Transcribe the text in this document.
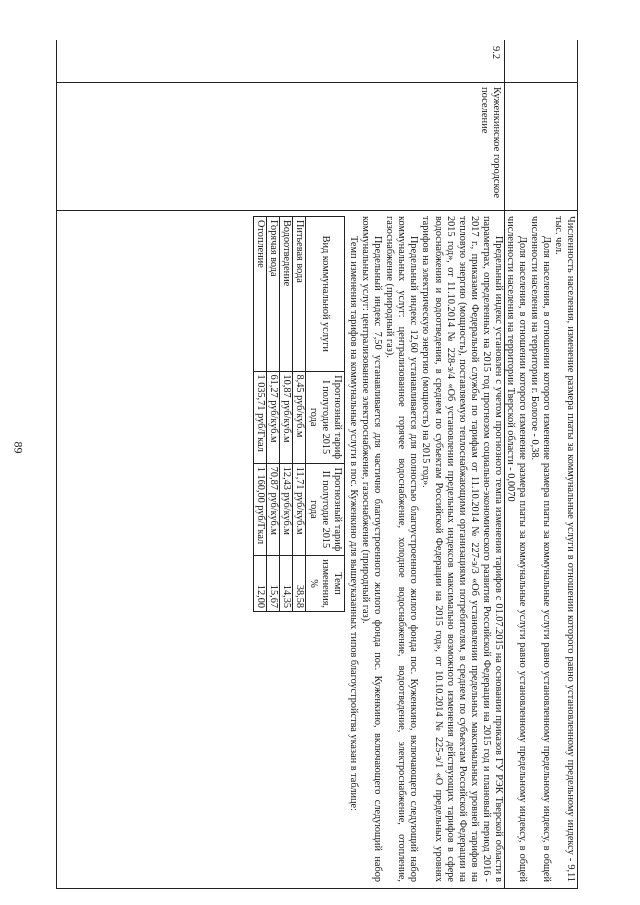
89	Численность населения, изменение размера платы за коммунальные услуги в отношении которого равно установленному предельному индексу - 9,11 тыс. чел.

Доля населения, в отношении которого изменение размера платы за коммунальные услуги равно установленному предельному индексу, в общей численности населения на территории г. Бологое - 0,38.

Доля населения, в отношении которого изменение размера платы за коммунальные услуги равно установленному предельному индексу, в общей численности населения на территории Тверской области - 0,0070

9.2
Куженкинское городское поселение

Предельный индекс установлен с учетом прогнозного темпа изменения тарифов с 01.07.2015 на основании приказов ГУ РЭК Тверской области в параметрах, определенных на 2015 год прогнозом социально-экономического развития Российской Федерации на 2015 год и плановый период 2016 - 2017 г., приказами Федеральной службы по тарифам от 11.10.2014 № 227-э/3 «Об установлении предельных максимальных уровней тарифов на тепловую энергию (мощность), поставляемую теплоснабжающими организациями потребителям, в среднем по субъектам Российской Федерации на 2015 год», от 11.10.2014 № 228-э/4 «Об установлении предельных индексов максимально возможного изменения действующих тарифов в сфере водоснабжения и водоотведения, в среднем по субъектам Российской Федерации на 2015 год», от 10.10.2014 № 225-э/1 «О предельных уровнях тарифов на электрическую энергию (мощность) на 2015 год».

Предельный индекс 12,60 устанавливается для полностью благоустроенного жилого фонда пос. Куженкино, включающего следующий набор коммунальных услуг: централизованное горячее водоснабжение, холодное водоснабжение, водоотведение, электроснабжение, отопление, газоснабжение (природный газ).

Предельный индекс 7,50 устанавливается для частично благоустроенного жилого фонда пос. Куженкино, включающего следующий набор коммунальных услуг: централизованное электроснабжение, газоснабжение (природный газ).

Темп изменения тарифов на коммунальные услуги в пос. Куженкино для вышеуказанных типов благоустройства указан в таблице:

Вид коммунальной услуги	Прогнозный тариф I полугодие 2015 года	Прогнозный тариф II полугодие 2015 года	Темп изменения, %
Питьевая вода	8,45 руб/куб.м	11,71 руб/куб.м	38,58
Водоотведение	10,87 руб/куб.м	12,43 руб/куб.м	14,35
Горячая вода	61,27 руб/куб.м	70,87 руб/куб.м	15,67
Отопление	1 035,71 руб/Гкал	1 160,00 руб/Гкал	12,00
